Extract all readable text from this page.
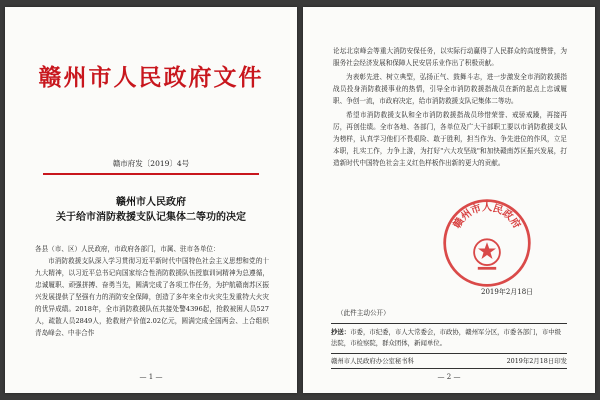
赣州市人民政府文件
赣市府发〔2019〕4号
赣州市人民政府
关于给市消防救援支队记集体二等功的决定
各县（市、区）人民政府，市政府各部门，市属、驻市各单位：
市消防救援支队深入学习贯彻习近平新时代中国特色社会主义思想和党的十九大精神，以习近平总书记向国家综合性消防救援队伍授旗训词精神为总遵循，忠诚履职、顽强拼搏、奋勇当先，圆满完成了各项工作任务，为护航赣南苏区振兴发展提供了坚强有力的消防安全保障，创造了多年来全市火灾生发重特大火灾的优异成绩。2018年，全市消防救援队伍共接处警4396起，抢救被困人员527人，疏散人员2849人，抢救财产价值2.02亿元，圆满完成全国两会、上合组织青岛峰会、中非合作
— 1 —

论坛北京峰会等重大消防安保任务，以实际行动赢得了人民群众的高度赞誉，为服务社会经济发展和保障人民安居乐业作出了积极贡献。

为表彰先进、树立典型，弘扬正气、鼓舞斗志，进一步激发全市消防救援指战员投身消防救援事业的热情，引导全市消防救援指战员在新的起点上忠诚履职、争创一流，市政府决定，给市消防救援支队记集体二等功。

希望市消防救援支队和全市消防救援指战员珍惜荣誉、戒骄戒躁，再接再厉，再创佳绩。全市各地、各部门，各单位及广大干部职工要以市消防救援支队为榜样，认真学习他们不畏艰险、敢于胜利，担当作为、争先进位的作风，立足本职，扎实工作，力争上游，为打好"六大攻坚战"和加快赣南苏区振兴发展，打造新时代中国特色社会主义红色样板作出新的更大的贡献。

赣州市人民政府
2019年2月18日
（此件主动公开）
抄送：市委，市纪委，市人大常委会，市政协，赣州军分区，市委各部门，市中级法院，市检察院，群众团体，新闻单位。
赣州市人民政府办公室秘书科	2019年2月18日印发
— 2 —
